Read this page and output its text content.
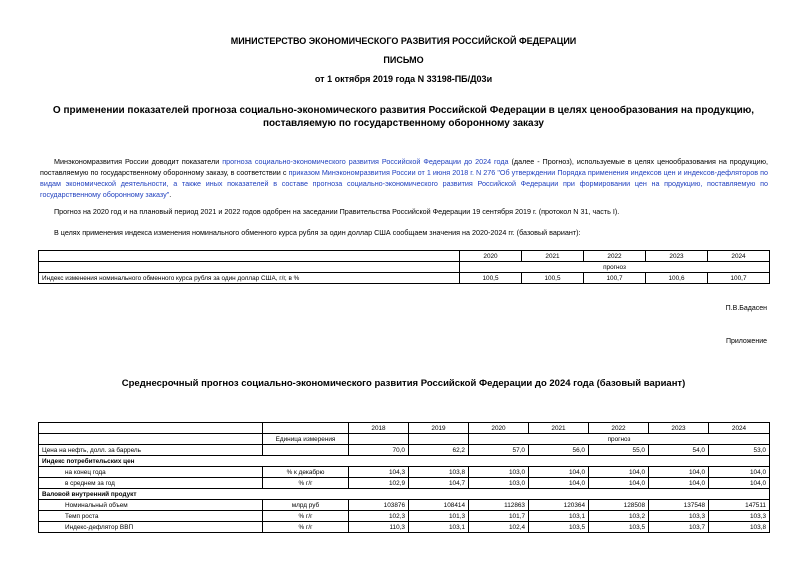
МИНИСТЕРСТВО ЭКОНОМИЧЕСКОГО РАЗВИТИЯ РОССИЙСКОЙ ФЕДЕРАЦИИ
ПИСЬМО
от 1 октября 2019 года N 33198-ПБ/Д03и
О применении показателей прогноза социально-экономического развития Российской Федерации в целях ценообразования на продукцию, поставляемую по государственному оборонному заказу
Минэкономразвития России доводит показатели прогноза социально-экономического развития Российской Федерации до 2024 года (далее - Прогноз), используемые в целях ценообразования на продукцию, поставляемую по государственному оборонному заказу, в соответствии с приказом Минэкономразвития России от 1 июня 2018 г. N 276 "Об утверждении Порядка применения индексов цен и индексов-дефляторов по видам экономической деятельности, а также иных показателей в составе прогноза социально-экономического развития Российской Федерации при формировании цен на продукцию, поставляемую по государственному оборонному заказу".
Прогноз на 2020 год и на плановый период 2021 и 2022 годов одобрен на заседании Правительства Российской Федерации 19 сентября 2019 г. (протокол N 31, часть I).
В целях применения индекса изменения номинального обменного курса рубля за один доллар США сообщаем значения на 2020-2024 гг. (базовый вариант):
	2020	2021	2022	2023	2024
	прогноз				
Индекс изменения номинального обменного курса рубля за один доллар США, г/г, в %	100,5	100,5	100,7	100,6	100,7
П.В.Бадасен
Приложение
Среднесрочный прогноз социально-экономического развития Российской Федерации до 2024 года (базовый вариант)
		2018	2019	2020	2021	2022	2023	2024
	Единица измерения			прогноз				
Цена на нефть, долл. за баррель		70,0	62,2	57,0	56,0	55,0	54,0	53,0
Индекс потребительских цен								
на конец года	% к декабрю	104,3	103,8	103,0	104,0	104,0	104,0	104,0
в среднем за год	% г/г	102,9	104,7	103,0	104,0	104,0	104,0	104,0
Валовой внутренний продукт								
Номинальный объем	млрд руб	103876	108414	112863	120364	128508	137548	147511
Темп роста	% г/г	102,3	101,3	101,7	103,1	103,2	103,3	103,3
Индекс-дефлятор ВВП	% г/г	110,3	103,1	102,4	103,5	103,5	103,7	103,8
